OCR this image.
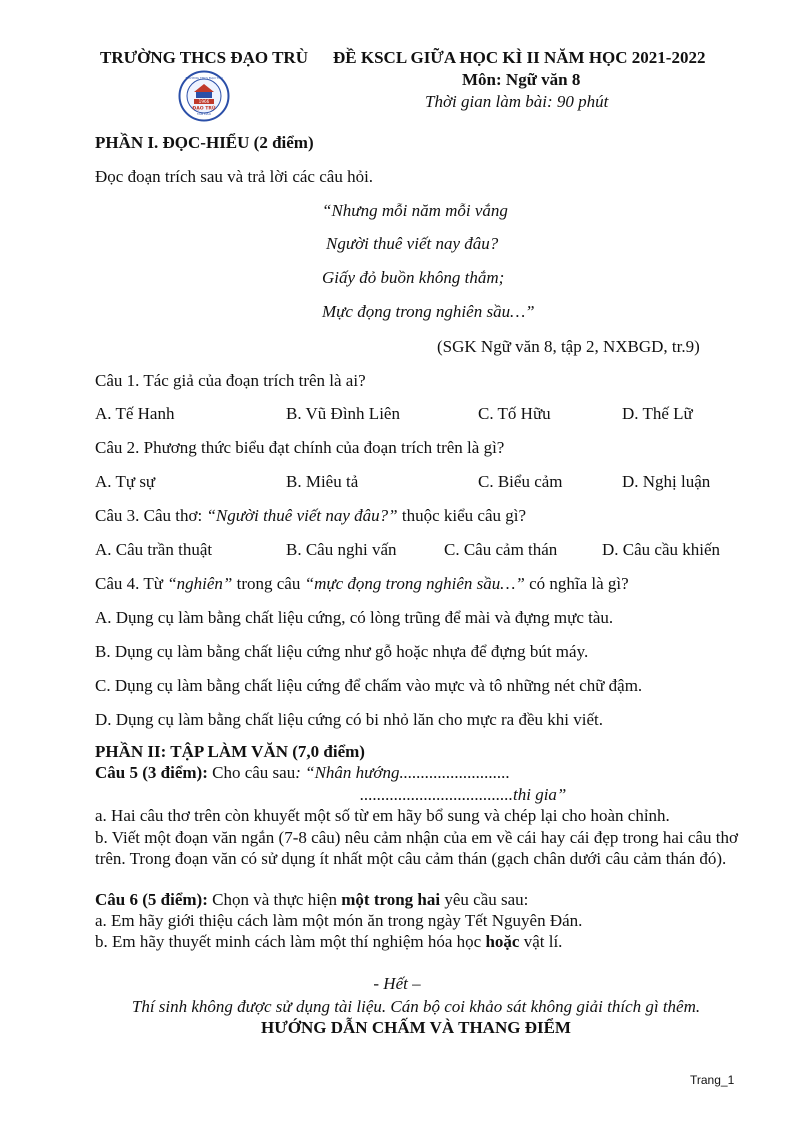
TRƯỜNG THCS ĐẠO TRÙ ĐỀ KSCL GIỮA HỌC KÌ II NĂM HỌC 2021-2022
Môn: Ngữ văn 8
Thời gian làm bài: 90 phút
1966
ĐẠO TRÙ
TAM ĐẢO
TRƯỜNG THCS ĐẠO TRÙ
PHẦN I. ĐỌC-HIỂU (2 điểm)
Đọc đoạn trích sau và trả lời các câu hỏi.
“Nhưng mỗi năm mỗi vắng
Người thuê viết nay đâu?
Giấy đỏ buồn không thắm;
Mực đọng trong nghiên sầu…”
(SGK Ngữ văn 8, tập 2, NXBGD, tr.9)
Câu 1. Tác giả của đoạn trích trên là ai?
A. Tế Hanh	B. Vũ Đình Liên	C. Tố Hữu	D. Thế Lữ
Câu 2. Phương thức biểu đạt chính của đoạn trích trên là gì?
A. Tự sự	B. Miêu tả	C. Biểu cảm	D. Nghị luận
Câu 3. Câu thơ: “Người thuê viết nay đâu?” thuộc kiểu câu gì?
A. Câu trần thuật	B. Câu nghi vấn	C. Câu cảm thán	D. Câu cầu khiến
Câu 4. Từ “nghiên” trong câu “mực đọng trong nghiên sầu…” có nghĩa là gì?
A. Dụng cụ làm bằng chất liệu cứng, có lòng trũng để mài và đựng mực tàu.
B. Dụng cụ làm bằng chất liệu cứng như gỗ hoặc nhựa để đựng bút máy.
C. Dụng cụ làm bằng chất liệu cứng để chấm vào mực và tô những nét chữ đậm.
D. Dụng cụ làm bằng chất liệu cứng có bi nhỏ lăn cho mực ra đều khi viết.
PHẦN II: TẬP LÀM VĂN (7,0 điểm)
Câu 5 (3 điểm): Cho câu sau: “Nhân hướng..........................
....................................thi gia”
a. Hai câu thơ trên còn khuyết một số từ em hãy bổ sung và chép lại cho hoàn chỉnh.
b. Viết một đoạn văn ngắn (7-8 câu) nêu cảm nhận của em về cái hay cái đẹp trong hai câu thơ trên. Trong đoạn văn có sử dụng ít nhất một câu cảm thán (gạch chân dưới câu cảm thán đó).
Câu 6 (5 điểm): Chọn và thực hiện một trong hai yêu cầu sau:
a. Em hãy giới thiệu cách làm một món ăn trong ngày Tết Nguyên Đán.
b. Em hãy thuyết minh cách làm một thí nghiệm hóa học hoặc vật lí.
- Hết –
Thí sinh không được sử dụng tài liệu. Cán bộ coi khảo sát không giải thích gì thêm.
HƯỚNG DẪN CHẤM VÀ THANG ĐIỂM
Trang_1
